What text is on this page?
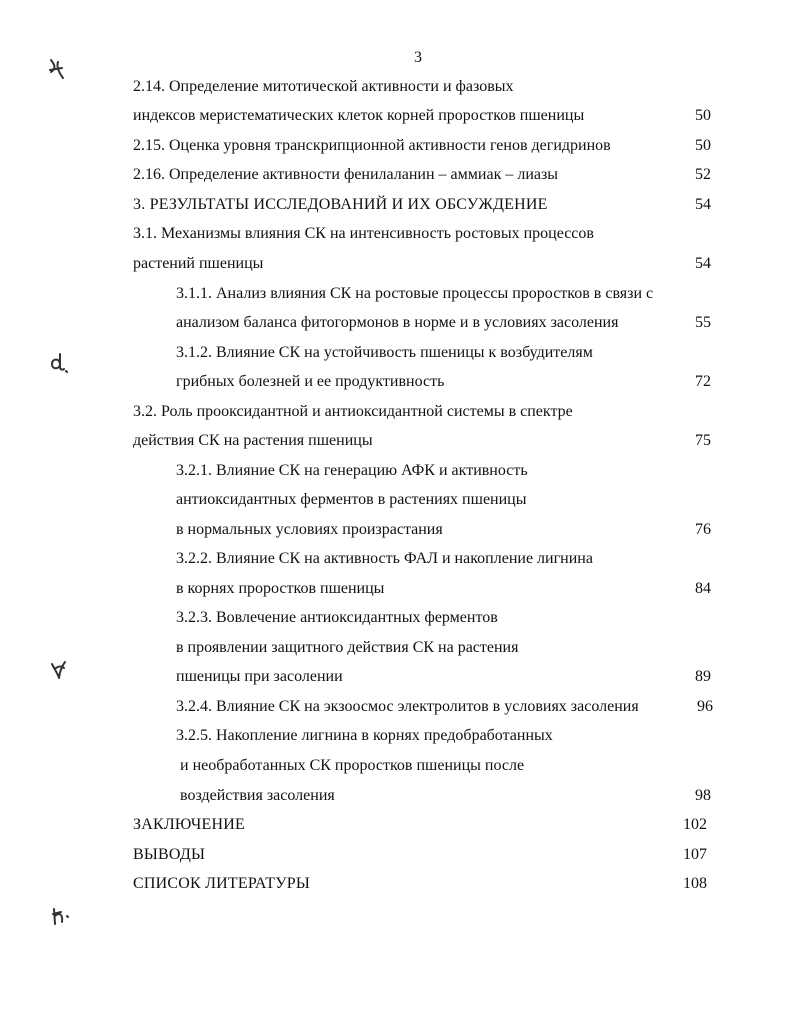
3
2.14. Определение митотической активности и фазовых
индексов меристематических клеток корней проростков пшеницы	50
2.15. Оценка уровня транскрипционной активности генов дегидринов	50
2.16. Определение активности фенилаланин – аммиак – лиазы	52
3. РЕЗУЛЬТАТЫ ИССЛЕДОВАНИЙ И ИХ ОБСУЖДЕНИЕ	54
3.1. Механизмы влияния СК на интенсивность ростовых процессов
растений пшеницы	54
3.1.1. Анализ влияния СК на ростовые процессы проростков в связи с
анализом баланса фитогормонов в норме и в условиях засоления	55
3.1.2. Влияние СК на устойчивость пшеницы к возбудителям
грибных болезней и ее продуктивность	72
3.2. Роль прооксидантной и антиоксидантной системы в спектре
действия СК на растения пшеницы	75
3.2.1. Влияние СК на генерацию АФК и активность
антиоксидантных ферментов в растениях пшеницы
в нормальных условиях произрастания	76
3.2.2. Влияние СК на активность ФАЛ и накопление лигнина
в корнях проростков пшеницы	84
3.2.3. Вовлечение антиоксидантных ферментов
в проявлении защитного действия СК на растения
пшеницы при засолении	89
3.2.4. Влияние СК на экзоосмос электролитов в условиях засоления	96
3.2.5. Накопление лигнина в корнях предобработанных
и необработанных СК проростков пшеницы после
воздействия засоления	98
ЗАКЛЮЧЕНИЕ	102
ВЫВОДЫ	107
СПИСОК ЛИТЕРАТУРЫ	108
